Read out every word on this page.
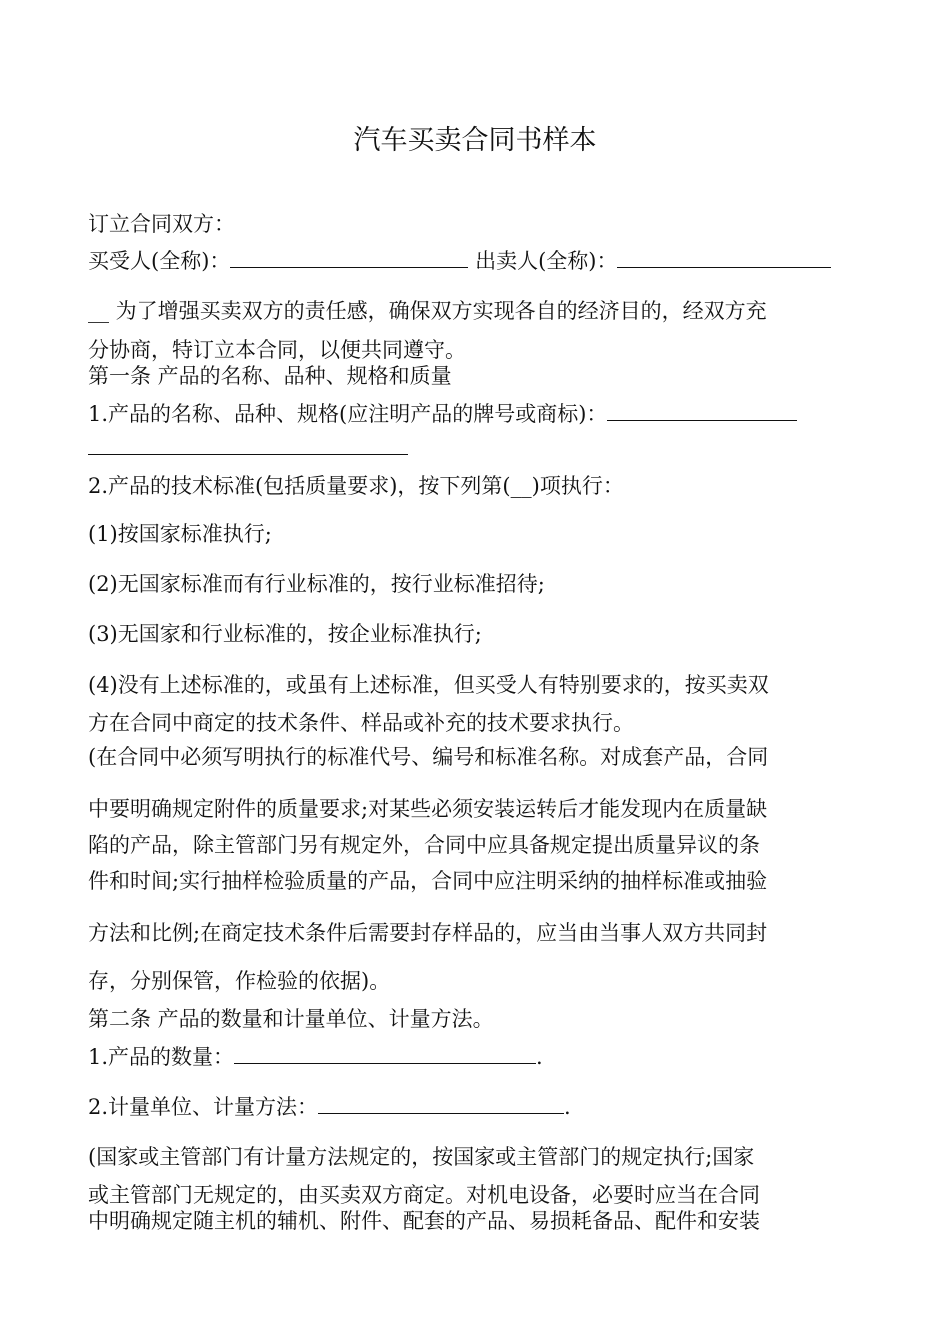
汽车买卖合同书样本
订立合同双方：
买受人(全称)：	出卖人(全称)：
__ 为了增强买卖双方的责任感，确保双方实现各自的经济目的，经双方充
分协商，特订立本合同，以便共同遵守。
第一条 产品的名称、品种、规格和质量
1.产品的名称、品种、规格(应注明产品的牌号或商标)：
2.产品的技术标准(包括质量要求)，按下列第(__)项执行：
(1)按国家标准执行;
(2)无国家标准而有行业标准的，按行业标准招待;
(3)无国家和行业标准的，按企业标准执行;
(4)没有上述标准的，或虽有上述标准，但买受人有特别要求的，按买卖双
方在合同中商定的技术条件、样品或补充的技术要求执行。
(在合同中必须写明执行的标准代号、编号和标准名称。对成套产品，合同
中要明确规定附件的质量要求;对某些必须安装运转后才能发现内在质量缺
陷的产品，除主管部门另有规定外，合同中应具备规定提出质量异议的条
件和时间;实行抽样检验质量的产品，合同中应注明采纳的抽样标准或抽验
方法和比例;在商定技术条件后需要封存样品的，应当由当事人双方共同封
存，分别保管，作检验的依据)。
第二条 产品的数量和计量单位、计量方法。
1.产品的数量：	.
2.计量单位、计量方法：	.
(国家或主管部门有计量方法规定的，按国家或主管部门的规定执行;国家
或主管部门无规定的，由买卖双方商定。对机电设备，必要时应当在合同
中明确规定随主机的辅机、附件、配套的产品、易损耗备品、配件和安装
